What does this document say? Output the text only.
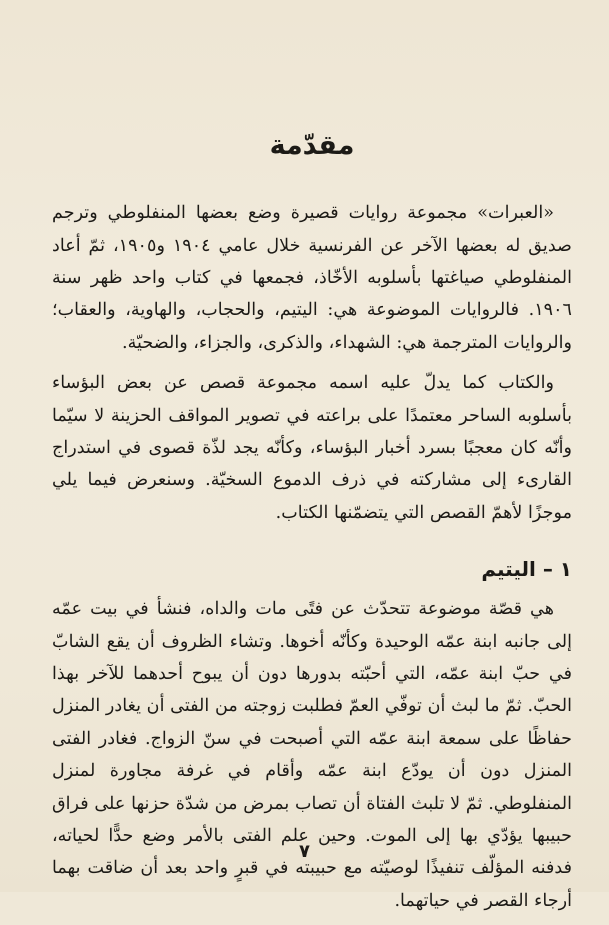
مقدّمة

«العبرات» مجموعة روايات قصيرة وضع بعضها المنفلوطي وترجم صديق له بعضها الآخر عن الفرنسية خلال عامي ١٩٠٤ و١٩٠٥، ثمّ أعاد المنفلوطي صياغتها بأسلوبه الأخّاذ، فجمعها في كتاب واحد ظهر سنة ١٩٠٦. فالروايات الموضوعة هي: اليتيم، والحجاب، والهاوية، والعقاب؛ والروايات المترجمة هي: الشهداء، والذكرى، والجزاء، والضحيّة.

والكتاب كما يدلّ عليه اسمه مجموعة قصص عن بعض البؤساء بأسلوبه الساحر معتمدًا على براعته في تصوير المواقف الحزينة لا سيّما وأنّه كان معجبًا بسرد أخبار البؤساء، وكأنّه يجد لذّة قصوى في استدراج القارىء إلى مشاركته في ذرف الدموع السخيّة. وسنعرض فيما يلي موجزًا لأهمّ القصص التي يتضمّنها الكتاب.

١ – اليتيم

هي قصّة موضوعة تتحدّث عن فتًى مات والداه، فنشأ في بيت عمّه إلى جانبه ابنة عمّه الوحيدة وكأنّه أخوها. وتشاء الظروف أن يقع الشابّ في حبّ ابنة عمّه، التي أحبّته بدورها دون أن يبوح أحدهما للآخر بهذا الحبّ. ثمّ ما لبث أن توفّي العمّ فطلبت زوجته من الفتى أن يغادر المنزل حفاظًا على سمعة ابنة عمّه التي أصبحت في سنّ الزواج. فغادر الفتى المنزل دون أن يودّع ابنة عمّه وأقام في غرفة مجاورة لمنزل المنفلوطي. ثمّ لا تلبث الفتاة أن تصاب بمرض من شدّة حزنها على فراق حبيبها يؤدّي بها إلى الموت. وحين علم الفتى بالأمر وضع حدًّا لحياته، فدفنه المؤلّف تنفيذًا لوصيّته مع حبيبته في قبرٍ واحد بعد أن ضاقت بهما أرجاء القصر في حياتهما.

٧
